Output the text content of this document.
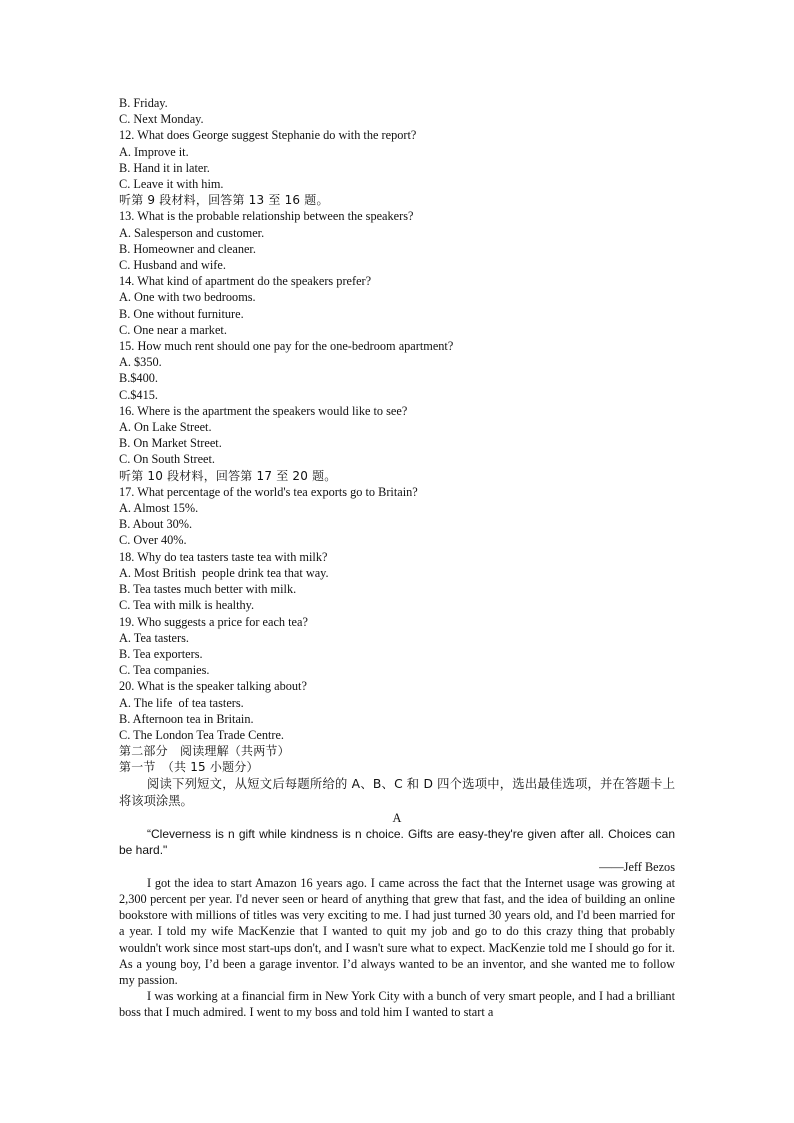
B. Friday.
C. Next Monday.
12. What does George suggest Stephanie do with the report?
A. Improve it.
B. Hand it in later.
C. Leave it with him.
听第 9 段材料，回答第 13 至 16 题。
13. What is the probable relationship between the speakers?
A. Salesperson and customer.
B. Homeowner and cleaner.
C. Husband and wife.
14. What kind of apartment do the speakers prefer?
A. One with two bedrooms.
B. One without furniture.
C. One near a market.
15. How much rent should one pay for the one-bedroom apartment?
A. $350.
B.$400.
C.$415.
16. Where is the apartment the speakers would like to see?
A. On Lake Street.
B. On Market Street.
C. On South Street.
听第 10 段材料，回答第 17 至 20 题。
17. What percentage of the world's tea exports go to Britain?
A. Almost 15%.
B. About 30%.
C. Over 40%.
18. Why do tea tasters taste tea with milk?
A. Most British  people drink tea that way.
B. Tea tastes much better with milk.
C. Tea with milk is healthy.
19. Who suggests a price for each tea?
A. Tea tasters.
B. Tea exporters.
C. Tea companies.
20. What is the speaker talking about?
A. The life  of tea tasters.
B. Afternoon tea in Britain.
C. The London Tea Trade Centre.
第二部分　阅读理解（共两节）
第一节　（共 15 小题分）
阅读下列短文，从短文后每题所给的 A、B、C 和 D 四个选项中，选出最佳选项，并在答题卡上将该项涂黑。
A
“Cleverness is n gift while kindness is n choice. Gifts are easy-they're given after all. Choices can be hard."
——Jeff Bezos
I got the idea to start Amazon 16 years ago. I came across the fact that the Internet usage was growing at 2,300 percent per year. I'd never seen or heard of anything that grew that fast, and the idea of building an online bookstore with millions of titles was very exciting to me. I had just turned 30 years old, and I'd been married for a year. I told my wife MacKenzie that I wanted to quit my job and go to do this crazy thing that probably wouldn't work since most start-ups don't, and I wasn't sure what to expect. MacKenzie told me I should go for it. As a young boy, I’d been a garage inventor. I’d always wanted to be an inventor, and she wanted me to follow my passion.
I was working at a financial firm in New York City with a bunch of very smart people, and I had a brilliant boss that I much admired. I went to my boss and told him I wanted to start a
